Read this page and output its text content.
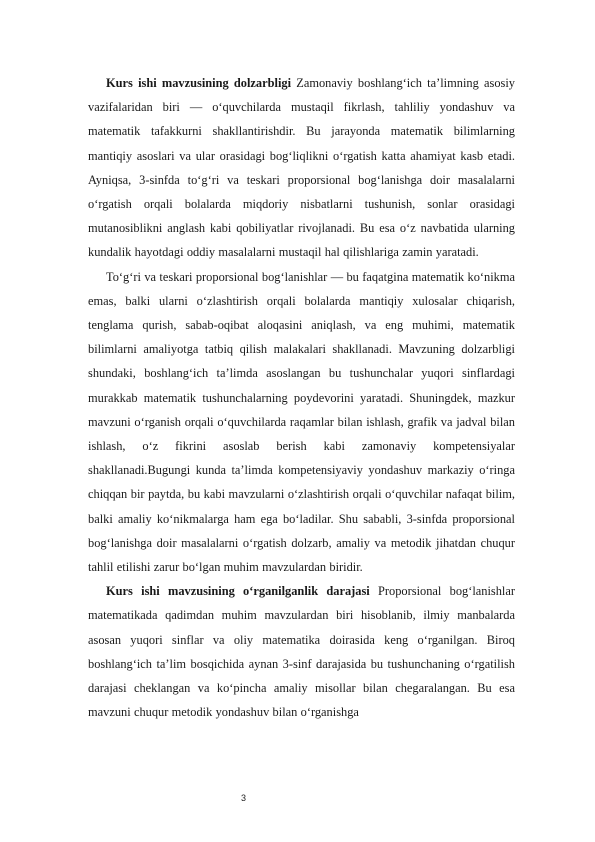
Kurs ishi mavzusining dolzarbligi Zamonaviy boshlang‘ich ta’limning asosiy vazifalaridan biri — o‘quvchilarda mustaqil fikrlash, tahliliy yondashuv va matematik tafakkurni shakllantirishdir. Bu jarayonda matematik bilimlarning mantiqiy asoslari va ular orasidagi bog‘liqlikni o‘rgatish katta ahamiyat kasb etadi. Ayniqsa, 3-sinfda to‘g‘ri va teskari proporsional bog‘lanishga doir masalalarni o‘rgatish orqali bolalarda miqdoriy nisbatlarni tushunish, sonlar orasidagi mutanosiblikni anglash kabi qobiliyatlar rivojlanadi. Bu esa o‘z navbatida ularning kundalik hayotdagi oddiy masalalarni mustaqil hal qilishlariga zamin yaratadi.

To‘g‘ri va teskari proporsional bog‘lanishlar — bu faqatgina matematik ko‘nikma emas, balki ularni o‘zlashtirish orqali bolalarda mantiqiy xulosalar chiqarish, tenglama qurish, sabab-oqibat aloqasini aniqlash, va eng muhimi, matematik bilimlarni amaliyotga tatbiq qilish malakalari shakllanadi. Mavzuning dolzarbligi shundaki, boshlang‘ich ta’limda asoslangan bu tushunchalar yuqori sinflardagi murakkab matematik tushunchalarning poydevorini yaratadi. Shuningdek, mazkur mavzuni o‘rganish orqali o‘quvchilarda raqamlar bilan ishlash, grafik va jadval bilan ishlash, o‘z fikrini asoslab berish kabi zamonaviy kompetensiyalar shakllanadi.Bugungi kunda ta’limda kompetensiyaviy yondashuv markaziy o‘ringa chiqqan bir paytda, bu kabi mavzularni o‘zlashtirish orqali o‘quvchilar nafaqat bilim, balki amaliy ko‘nikmalarga ham ega bo‘ladilar. Shu sababli, 3-sinfda proporsional bog‘lanishga doir masalalarni o‘rgatish dolzarb, amaliy va metodik jihatdan chuqur tahlil etilishi zarur bo‘lgan muhim mavzulardan biridir.

Kurs ishi mavzusining o‘rganilganlik darajasi Proporsional bog‘lanishlar matematikada qadimdan muhim mavzulardan biri hisoblanib, ilmiy manbalarda asosan yuqori sinflar va oliy matematika doirasida keng o‘rganilgan. Biroq boshlang‘ich ta’lim bosqichida aynan 3-sinf darajasida bu tushunchaning o‘rgatilish darajasi cheklangan va ko‘pincha amaliy misollar bilan chegaralangan. Bu esa mavzuni chuqur metodik yondashuv bilan o‘rganishga

3
